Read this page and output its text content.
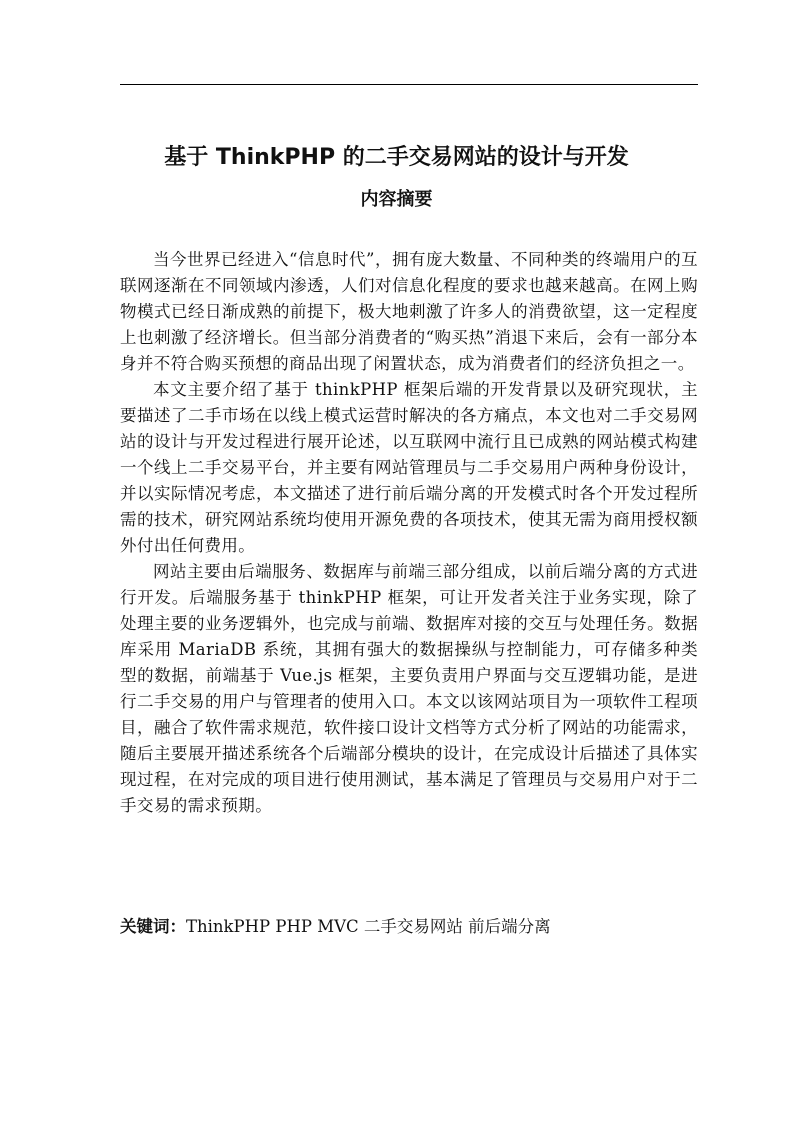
基于 ThinkPHP 的二手交易网站的设计与开发
内容摘要

当今世界已经进入“信息时代”，拥有庞大数量、不同种类的终端用户的互联网逐渐在不同领域内渗透，人们对信息化程度的要求也越来越高。在网上购物模式已经日渐成熟的前提下，极大地刺激了许多人的消费欲望，这一定程度上也刺激了经济增长。但当部分消费者的“购买热”消退下来后，会有一部分本身并不符合购买预想的商品出现了闲置状态，成为消费者们的经济负担之一。

本文主要介绍了基于 thinkPHP 框架后端的开发背景以及研究现状，主要描述了二手市场在以线上模式运营时解决的各方痛点，本文也对二手交易网站的设计与开发过程进行展开论述，以互联网中流行且已成熟的网站模式构建一个线上二手交易平台，并主要有网站管理员与二手交易用户两种身份设计，并以实际情况考虑，本文描述了进行前后端分离的开发模式时各个开发过程所需的技术，研究网站系统均使用开源免费的各项技术，使其无需为商用授权额外付出任何费用。

网站主要由后端服务、数据库与前端三部分组成，以前后端分离的方式进行开发。后端服务基于 thinkPHP 框架，可让开发者关注于业务实现，除了处理主要的业务逻辑外，也完成与前端、数据库对接的交互与处理任务。数据库采用 MariaDB 系统，其拥有强大的数据操纵与控制能力，可存储多种类型的数据，前端基于 Vue.js 框架，主要负责用户界面与交互逻辑功能，是进行二手交易的用户与管理者的使用入口。本文以该网站项目为一项软件工程项目，融合了软件需求规范，软件接口设计文档等方式分析了网站的功能需求，随后主要展开描述系统各个后端部分模块的设计，在完成设计后描述了具体实现过程，在对完成的项目进行使用测试，基本满足了管理员与交易用户对于二手交易的需求预期。

关键词：ThinkPHP PHP MVC 二手交易网站 前后端分离
